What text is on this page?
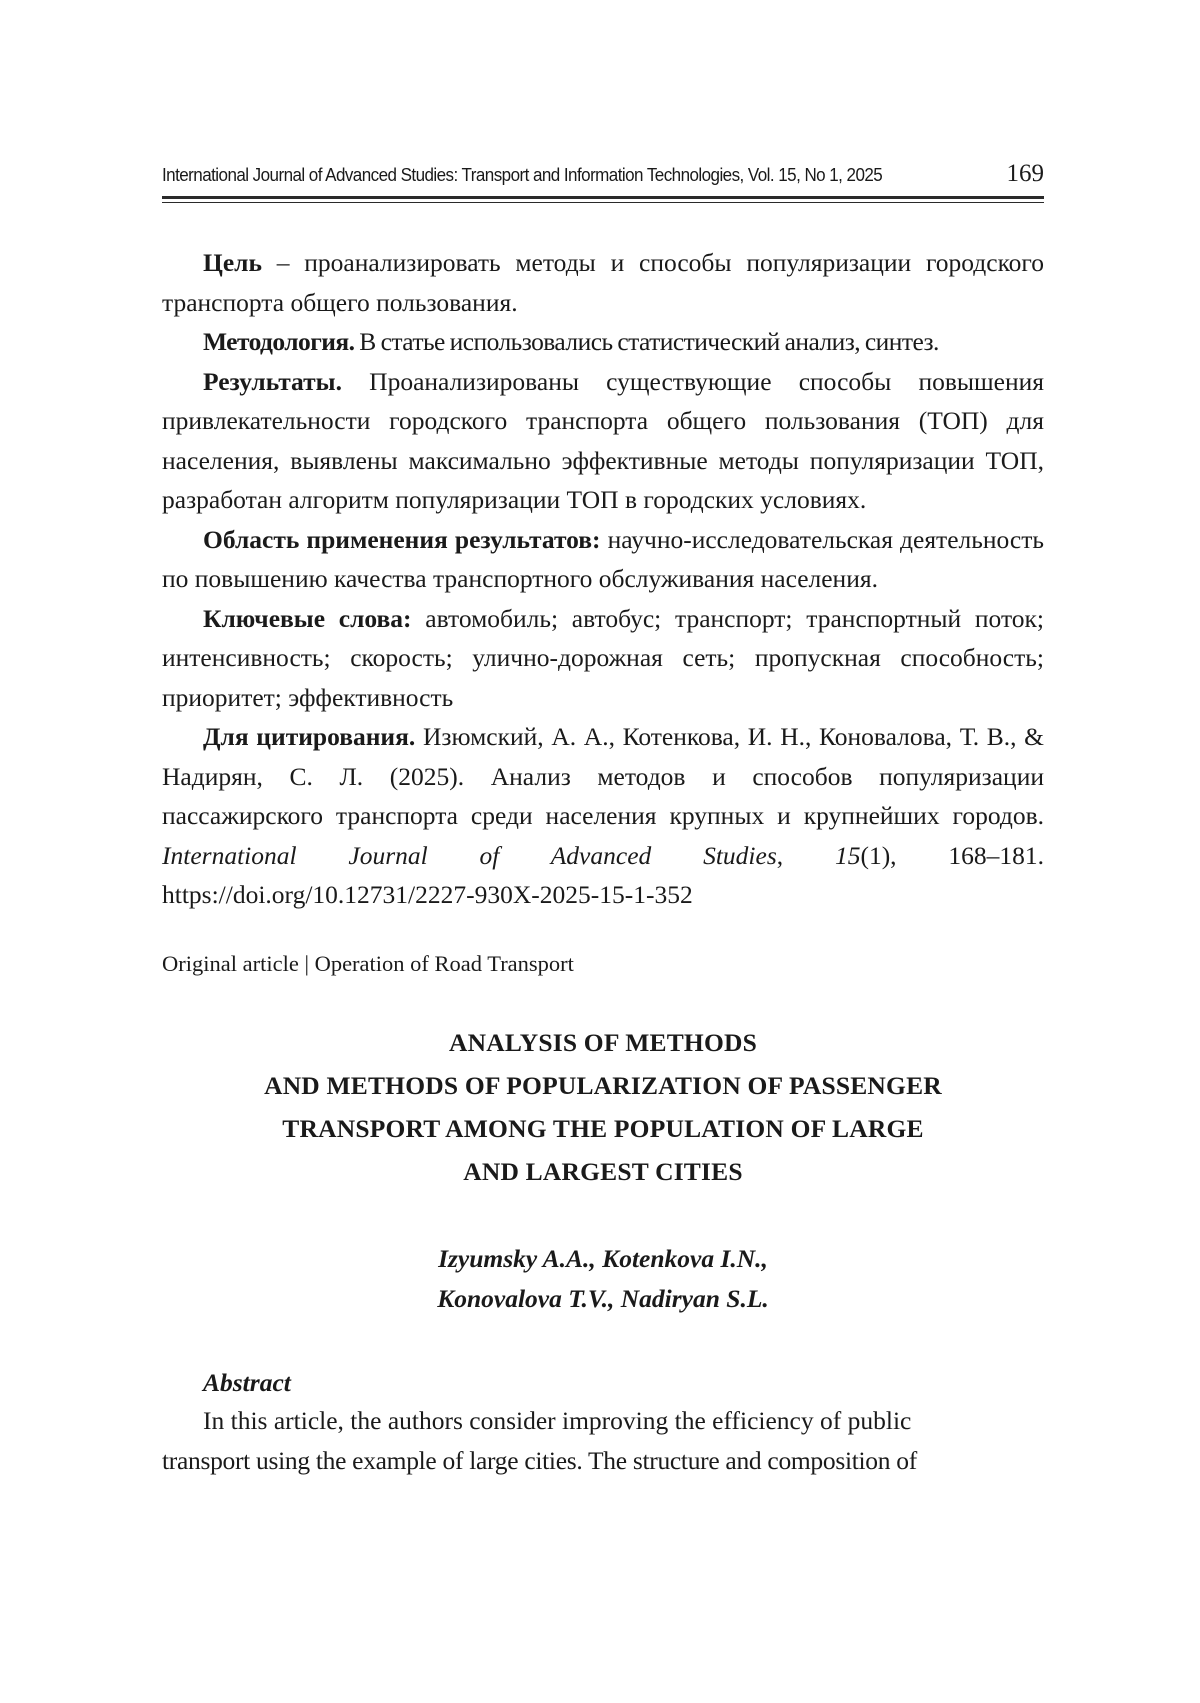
International Journal of Advanced Studies: Transport and Information Technologies, Vol. 15, No 1, 2025	169

Цель – проанализировать методы и способы популяризации городского транспорта общего пользования.

Методология. В статье использовались статистический анализ, синтез.

Результаты. Проанализированы существующие способы повышения привлекательности городского транспорта общего пользования (ТОП) для населения, выявлены максимально эффективные методы популяризации ТОП, разработан алгоритм популяризации ТОП в городских условиях.

Область применения результатов: научно-исследовательская деятельность по повышению качества транспортного обслуживания населения.

Ключевые слова: автомобиль; автобус; транспорт; транспортный поток; интенсивность; скорость; улично-дорожная сеть; пропускная способность; приоритет; эффективность

Для цитирования. Изюмский, А. А., Котенкова, И. Н., Коновалова, Т. В., & Надирян, С. Л. (2025). Анализ методов и способов популяризации пассажирского транспорта среди населения крупных и крупнейших городов. International Journal of Advanced Studies, 15(1), 168–181. https://doi.org/10.12731/2227-930X-2025-15-1-352

Original article | Operation of Road Transport
ANALYSIS OF METHODS
AND METHODS OF POPULARIZATION OF PASSENGER
TRANSPORT AMONG THE POPULATION OF LARGE
AND LARGEST CITIES
Izyumsky A.A., Kotenkova I.N.,
Konovalova T.V., Nadiryan S.L.
Abstract
In this article, the authors consider improving the efficiency of public
transport using the example of large cities. The structure and composition of
